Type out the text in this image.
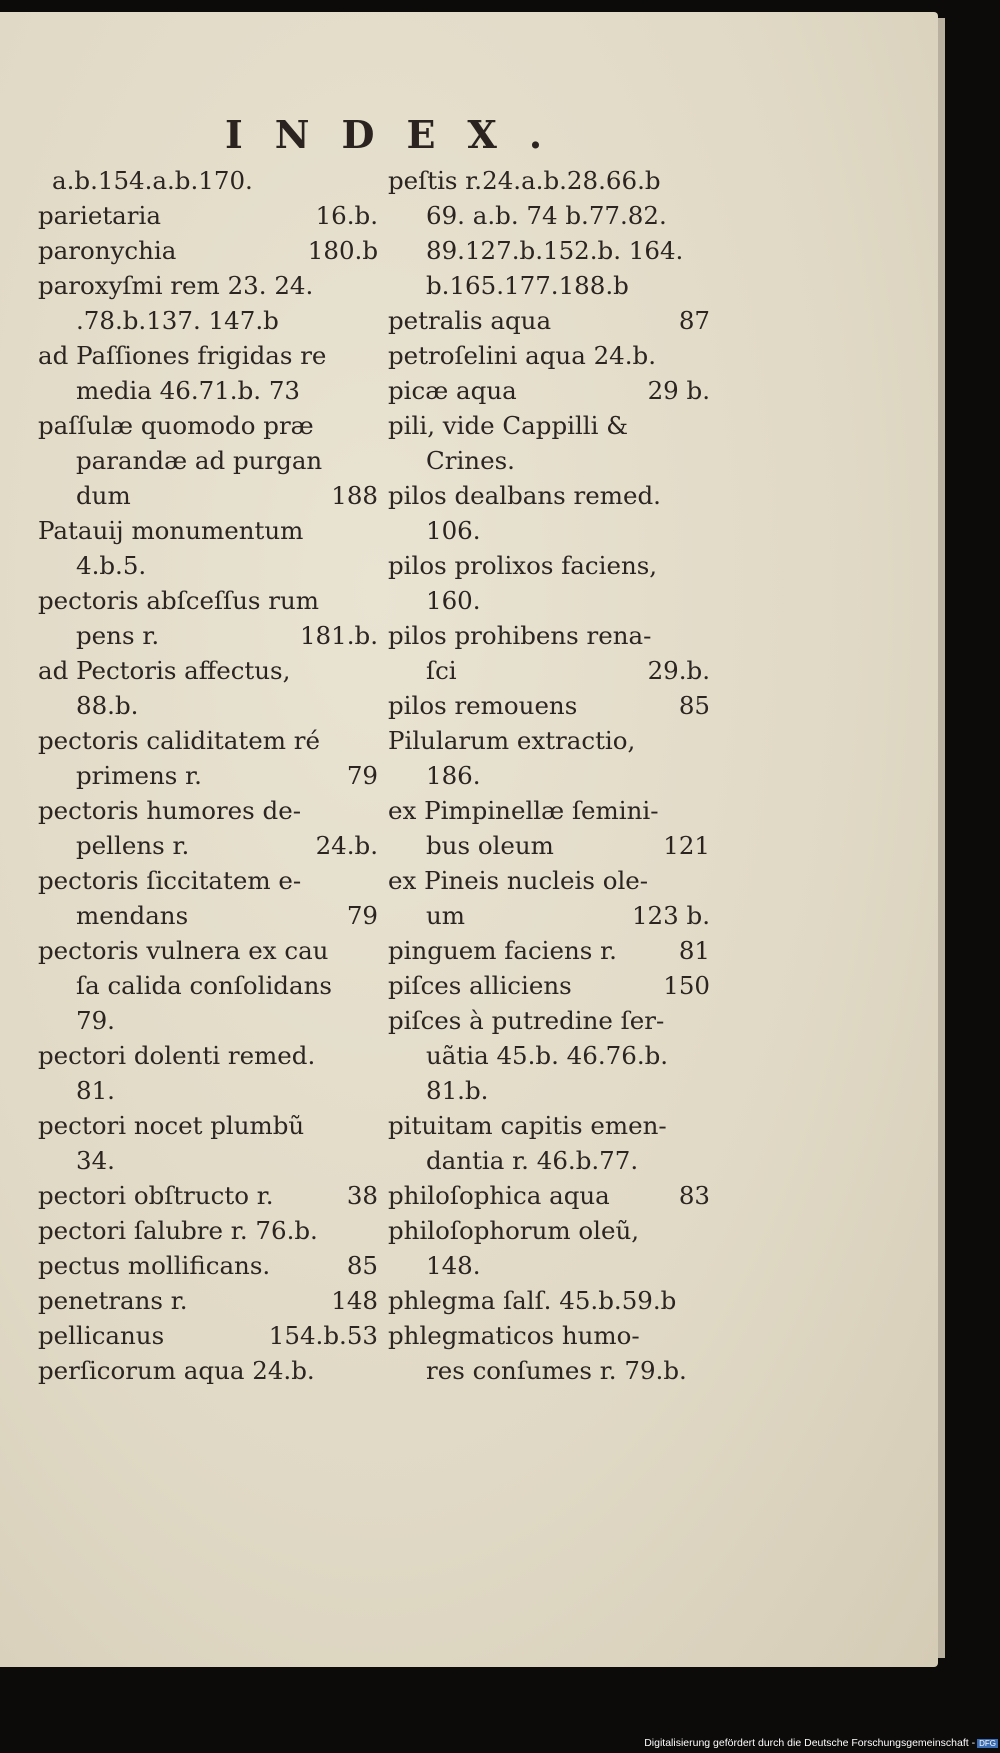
INDEX.
a.b.154.a.b.170.
parietaria	16.b.
paronychia	180.b
paroxyſmi rem 23. 24.
.78.b.137. 147.b
ad Paſſiones frigidas re
media 46.71.b. 73
paſſulæ quomodo præ
parandæ ad purgan
dum	188
Patauij monumentum
4.b.5.
pectoris abſceſſus rum
pens r.	181.b.
ad Pectoris affectus,
88.b.
pectoris caliditatem ré
primens r.	79
pectoris humores de-
pellens r.	24.b.
pectoris ſiccitatem e-
mendans	79
pectoris vulnera ex cau
ſa calida conſolidans
79.
pectori dolenti remed.
81.
pectori nocet plumbũ
34.
pectori obſtructo r.	38
pectori ſalubre r. 76.b.
pectus mollificans.	85
penetrans r.	148
pellicanus	154.b.53
perſicorum aqua 24.b.
peſtis r.24.a.b.28.66.b
69. a.b. 74 b.77.82.
89.127.b.152.b. 164.
b.165.177.188.b
petralis aqua	87
petroſelini aqua 24.b.
picæ aqua	29 b.
pili, vide Cappilli &
Crines.
pilos dealbans remed.
106.
pilos prolixos faciens,
160.
pilos prohibens rena-
ſci	29.b.
pilos remouens	85
Pilularum extractio,
186.
ex Pimpinellæ ſemini-
bus oleum	121
ex Pineis nucleis ole-
um	123 b.
pinguem faciens r.	81
piſces alliciens	150
piſces à putredine ſer-
uãtia 45.b. 46.76.b.
81.b.
pituitam capitis emen-
dantia r. 46.b.77.
philoſophica aqua	83
philoſophorum oleũ,
148.
phlegma ſalſ. 45.b.59.b
phlegmaticos humo-
res conſumes r. 79.b.
Digitalisierung gefördert durch die Deutsche Forschungsgemeinschaft - DFG
